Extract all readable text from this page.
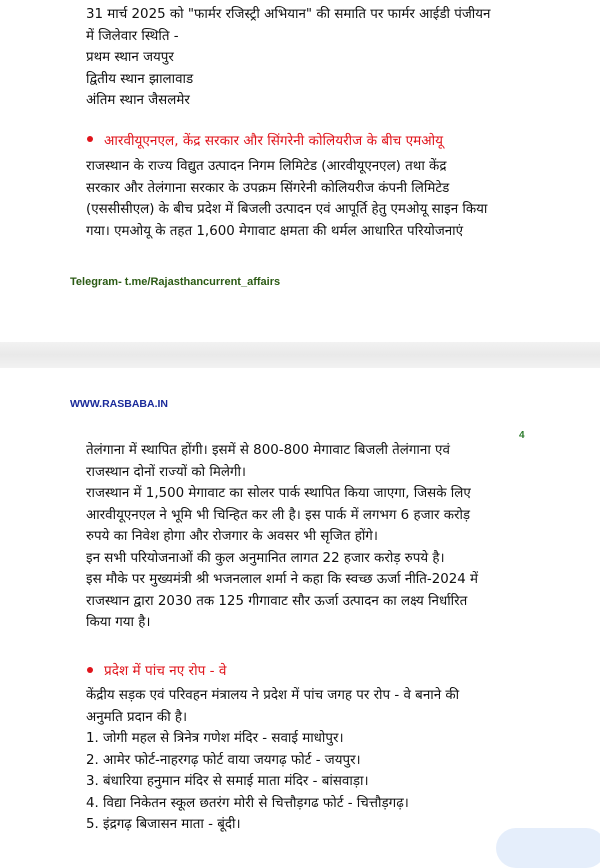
31 मार्च 2025 को "फार्मर रजिस्ट्री अभियान" की समाति पर फार्मर आईडी पंजीयन
में जिलेवार स्थिति -
प्रथम स्थान जयपुर
द्वितीय स्थान झालावाड
अंतिम स्थान जैसलमेर
आरवीयूएनएल, केंद्र सरकार और सिंगरेनी कोलियरीज के बीच एमओयू
राजस्थान के राज्य विद्युत उत्पादन निगम लिमिटेड (आरवीयूएनएल) तथा केंद्र
सरकार और तेलंगाना सरकार के उपक्रम सिंगरेनी कोलियरीज कंपनी लिमिटेड
(एससीसीएल) के बीच प्रदेश में बिजली उत्पादन एवं आपूर्ति हेतु एमओयू साइन किया
गया। एमओयू के तहत 1,600 मेगावाट क्षमता की थर्मल आधारित परियोजनाएं
Telegram- t.me/Rajasthancurrent_affairs
WWW.RASBABA.IN
4
तेलंगाना में स्थापित होंगी। इसमें से 800-800 मेगावाट बिजली तेलंगाना एवं
राजस्थान दोनों राज्यों को मिलेगी।
राजस्थान में 1,500 मेगावाट का सोलर पार्क स्थापित किया जाएगा, जिसके लिए
आरवीयूएनएल ने भूमि भी चिन्हित कर ली है। इस पार्क में लगभग 6 हजार करोड़
रुपये का निवेश होगा और रोजगार के अवसर भी सृजित होंगे।
इन सभी परियोजनाओं की कुल अनुमानित लागत 22 हजार करोड़ रुपये है।
इस मौके पर मुख्यमंत्री श्री भजनलाल शर्मा ने कहा कि स्वच्छ ऊर्जा नीति-2024 में
राजस्थान द्वारा 2030 तक 125 गीगावाट सौर ऊर्जा उत्पादन का लक्ष्य निर्धारित
किया गया है।
प्रदेश में पांच नए रोप - वे
केंद्रीय सड़क एवं परिवहन मंत्रालय ने प्रदेश में पांच जगह पर रोप - वे बनाने की
अनुमति प्रदान की है।
1. जोगी महल से त्रिनेत्र गणेश मंदिर - सवाई माधोपुर।
2. आमेर फोर्ट-नाहरगढ़ फोर्ट वाया जयगढ़ फोर्ट - जयपुर।
3. बंधारिया हनुमान मंदिर से समाई माता मंदिर - बांसवाड़ा।
4. विद्या निकेतन स्कूल छतरंग मोरी से चित्तौड़गढ फोर्ट - चित्तौड़गढ़।
5. इंद्रगढ़ बिजासन माता - बूंदी।
